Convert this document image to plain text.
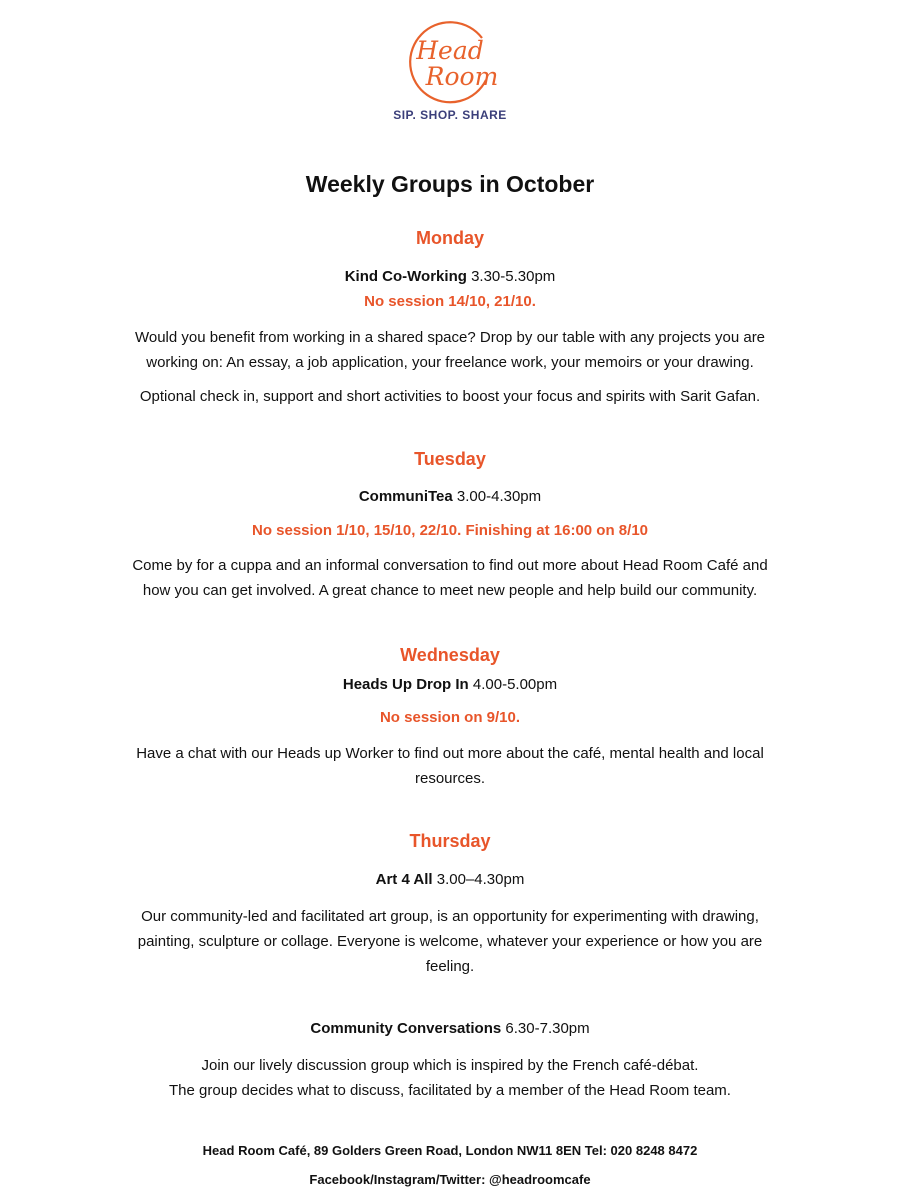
Head
Room
SIP. SHOP. SHARE
Weekly Groups in October
Monday
Kind Co-Working 3.30-5.30pm
No session 14/10, 21/10.
Would you benefit from working in a shared space? Drop by our table with any projects you are
working on: An essay, a job application, your freelance work, your memoirs or your drawing.
Optional check in, support and short activities to boost your focus and spirits with Sarit Gafan.
Tuesday
CommuniTea 3.00-4.30pm
No session 1/10, 15/10, 22/10. Finishing at 16:00 on 8/10
Come by for a cuppa and an informal conversation to find out more about Head Room Café and
how you can get involved. A great chance to meet new people and help build our community.
Wednesday
Heads Up Drop In 4.00-5.00pm
No session on 9/10.
Have a chat with our Heads up Worker to find out more about the café, mental health and local
resources.
Thursday
Art 4 All 3.00–4.30pm
Our community-led and facilitated art group, is an opportunity for experimenting with drawing,
painting, sculpture or collage. Everyone is welcome, whatever your experience or how you are
feeling.
Community Conversations 6.30-7.30pm
Join our lively discussion group which is inspired by the French café-débat.
The group decides what to discuss, facilitated by a member of the Head Room team.
Head Room Café, 89 Golders Green Road, London NW11 8EN Tel: 020 8248 8472
Facebook/Instagram/Twitter: @headroomcafe
